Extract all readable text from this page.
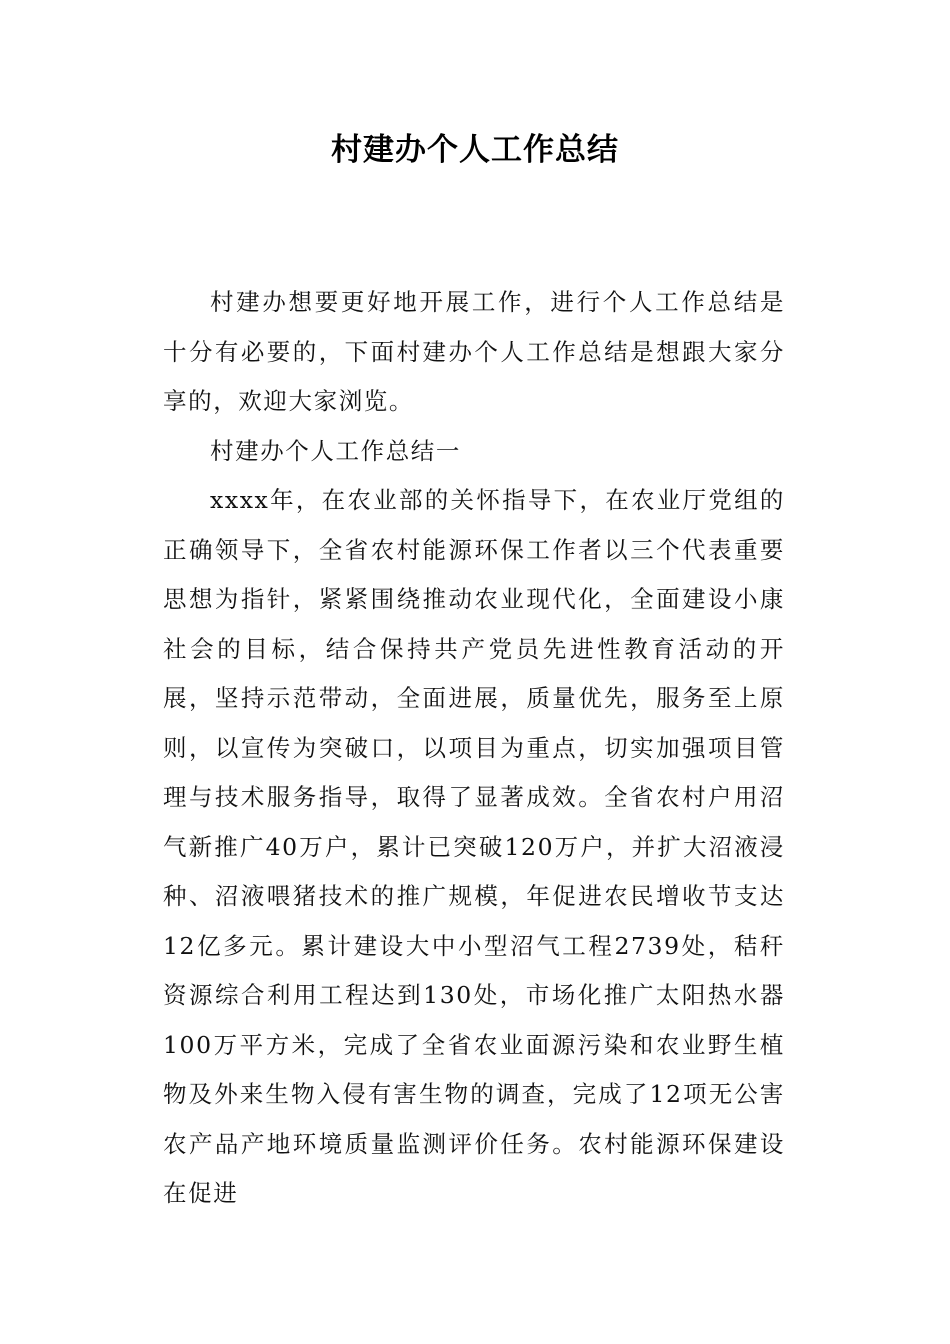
村建办个人工作总结

村建办想要更好地开展工作，进行个人工作总结是十分有必要的，下面村建办个人工作总结是想跟大家分享的，欢迎大家浏览。

村建办个人工作总结一

xxxx年，在农业部的关怀指导下，在农业厅党组的正确领导下，全省农村能源环保工作者以三个代表重要思想为指针，紧紧围绕推动农业现代化，全面建设小康社会的目标，结合保持共产党员先进性教育活动的开展，坚持示范带动，全面进展，质量优先，服务至上原则，以宣传为突破口，以项目为重点，切实加强项目管理与技术服务指导，取得了显著成效。全省农村户用沼气新推广40万户，累计已突破120万户，并扩大沼液浸种、沼液喂猪技术的推广规模，年促进农民增收节支达12亿多元。累计建设大中小型沼气工程2739处，秸秆资源综合利用工程达到130处，市场化推广太阳热水器100万平方米，完成了全省农业面源污染和农业野生植物及外来生物入侵有害生物的调查，完成了12项无公害农产品产地环境质量监测评价任务。农村能源环保建设在促进
